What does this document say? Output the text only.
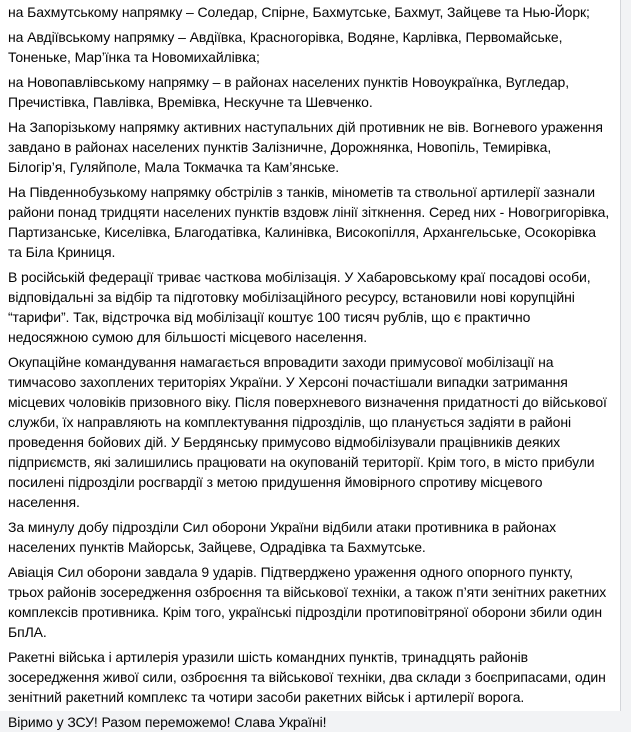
на Бахмутському напрямку – Соледар, Спірне, Бахмутське, Бахмут, Зайцеве та Нью-Йорк;

на Авдіївському напрямку – Авдіївка, Красногорівка, Водяне, Карлівка, Первомайське, Тоненьке, Мар’їнка та Новомихайлівка;

на Новопавлівському напрямку – в районах населених пунктів Новоукраїнка, Вугледар, Пречистівка, Павлівка, Времівка, Нескучне та Шевченко.

На Запорізькому напрямку активних наступальних дій противник не вів. Вогневого ураження завдано в районах населених пунктів Залізничне, Дорожнянка, Новопіль, Темирівка, Білогір’я, Гуляйполе, Мала Токмачка та Кам’янське.

На Південнобузькому напрямку обстрілів з танків, мінометів та ствольної артилерії зазнали райони понад тридцяти населених пунктів вздовж лінії зіткнення. Серед них - Новогригорівка, Партизанське, Киселівка, Благодатівка, Калинівка, Високопілля, Архангельське, Осокорівка та Біла Криниця.

В російській федерації триває часткова мобілізація. У Хабаровському краї посадові особи, відповідальні за відбір та підготовку мобілізаційного ресурсу, встановили нові корупційні “тарифи”. Так, відстрочка від мобілізації коштує 100 тисяч рублів, що є практично недосяжною сумою для більшості місцевого населення.

Окупаційне командування намагається впровадити заходи примусової мобілізації на тимчасово захоплених територіях України. У Херсоні почастішали випадки затримання місцевих чоловіків призовного віку. Після поверхневого визначення придатності до військової служби, їх направляють на комплектування підрозділів, що планується задіяти в районі проведення бойових дій. У Бердянську примусово відмобілізували працівників деяких підприємств, які залишились працювати на окупованій території. Крім того, в місто прибули посилені підрозділи росгвардії з метою придушення ймовірного спротиву місцевого населення.

За минулу добу підрозділи Сил оборони України відбили атаки противника в районах населених пунктів Майорськ, Зайцеве, Одрадівка та Бахмутське.

Авіація Сил оборони завдала 9 ударів. Підтверджено ураження одного опорного пункту, трьох районів зосередження озброєння та військової техніки, а також п’яти зенітних ракетних комплексів противника. Крім того, українські підрозділи протиповітряної оборони збили один БпЛА.

Ракетні війська і артилерія уразили шість командних пунктів, тринадцять районів зосередження живої сили, озброєння та військової техніки, два склади з боєприпасами, один зенітний ракетний комплекс та чотири засоби ракетних військ і артилерії ворога.

Віримо у ЗСУ! Разом переможемо! Слава Україні!
